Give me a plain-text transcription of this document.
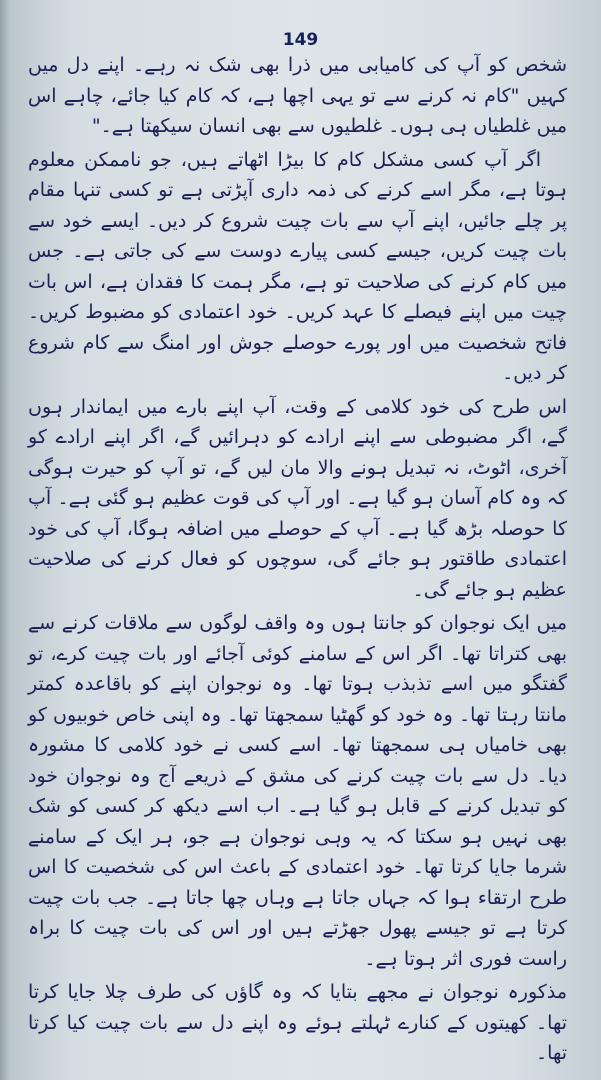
149

شخص کو آپ کی کامیابی میں ذرا بھی شک نہ رہے۔ اپنے دل میں کہیں "کام نہ کرنے سے تو یہی اچھا ہے، کہ کام کیا جائے، چاہے اس میں غلطیاں ہی ہوں۔ غلطیوں سے بھی انسان سیکھتا ہے۔"

اگر آپ کسی مشکل کام کا بیڑا اٹھاتے ہیں، جو ناممکن معلوم ہوتا ہے، مگر اسے کرنے کی ذمہ داری آپڑتی ہے تو کسی تنہا مقام پر چلے جائیں، اپنے آپ سے بات چیت شروع کر دیں۔ ایسے خود سے بات چیت کریں، جیسے کسی پیارے دوست سے کی جاتی ہے۔ جس میں کام کرنے کی صلاحیت تو ہے، مگر ہمت کا فقدان ہے، اس بات چیت میں اپنے فیصلے کا عہد کریں۔ خود اعتمادی کو مضبوط کریں۔ فاتح شخصیت میں اور پورے حوصلے جوش اور امنگ سے کام شروع کر دیں۔

اس طرح کی خود کلامی کے وقت، آپ اپنے بارے میں ایماندار ہوں گے، اگر مضبوطی سے اپنے ارادے کو دہرائیں گے، اگر اپنے ارادے کو آخری، اٹوٹ، نہ تبدیل ہونے والا مان لیں گے، تو آپ کو حیرت ہوگی کہ وہ کام آسان ہو گیا ہے۔ اور آپ کی قوت عظیم ہو گئی ہے۔ آپ کا حوصلہ بڑھ گیا ہے۔ آپ کے حوصلے میں اضافہ ہوگا، آپ کی خود اعتمادی طاقتور ہو جائے گی، سوچوں کو فعال کرنے کی صلاحیت عظیم ہو جائے گی۔

میں ایک نوجوان کو جانتا ہوں وہ واقف لوگوں سے ملاقات کرنے سے بھی کتراتا تھا۔ اگر اس کے سامنے کوئی آجائے اور بات چیت کرے، تو گفتگو میں اسے تذبذب ہوتا تھا۔ وہ نوجوان اپنے کو باقاعدہ کمتر مانتا رہتا تھا۔ وہ خود کو گھٹیا سمجھتا تھا۔ وہ اپنی خاص خوبیوں کو بھی خامیاں ہی سمجھتا تھا۔ اسے کسی نے خود کلامی کا مشورہ دیا۔ دل سے بات چیت کرنے کی مشق کے ذریعے آج وہ نوجوان خود کو تبدیل کرنے کے قابل ہو گیا ہے۔ اب اسے دیکھ کر کسی کو شک بھی نہیں ہو سکتا کہ یہ وہی نوجوان ہے جو، ہر ایک کے سامنے شرما جایا کرتا تھا۔ خود اعتمادی کے باعث اس کی شخصیت کا اس طرح ارتقاء ہوا کہ جہاں جاتا ہے وہاں چھا جاتا ہے۔ جب بات چیت کرتا ہے تو جیسے پھول جھڑتے ہیں اور اس کی بات چیت کا براہ راست فوری اثر ہوتا ہے۔

مذکورہ نوجوان نے مجھے بتایا کہ وہ گاؤں کی طرف چلا جایا کرتا تھا۔ کھیتوں کے کنارے ٹہلتے ہوئے وہ اپنے دل سے بات چیت کیا کرتا تھا۔
